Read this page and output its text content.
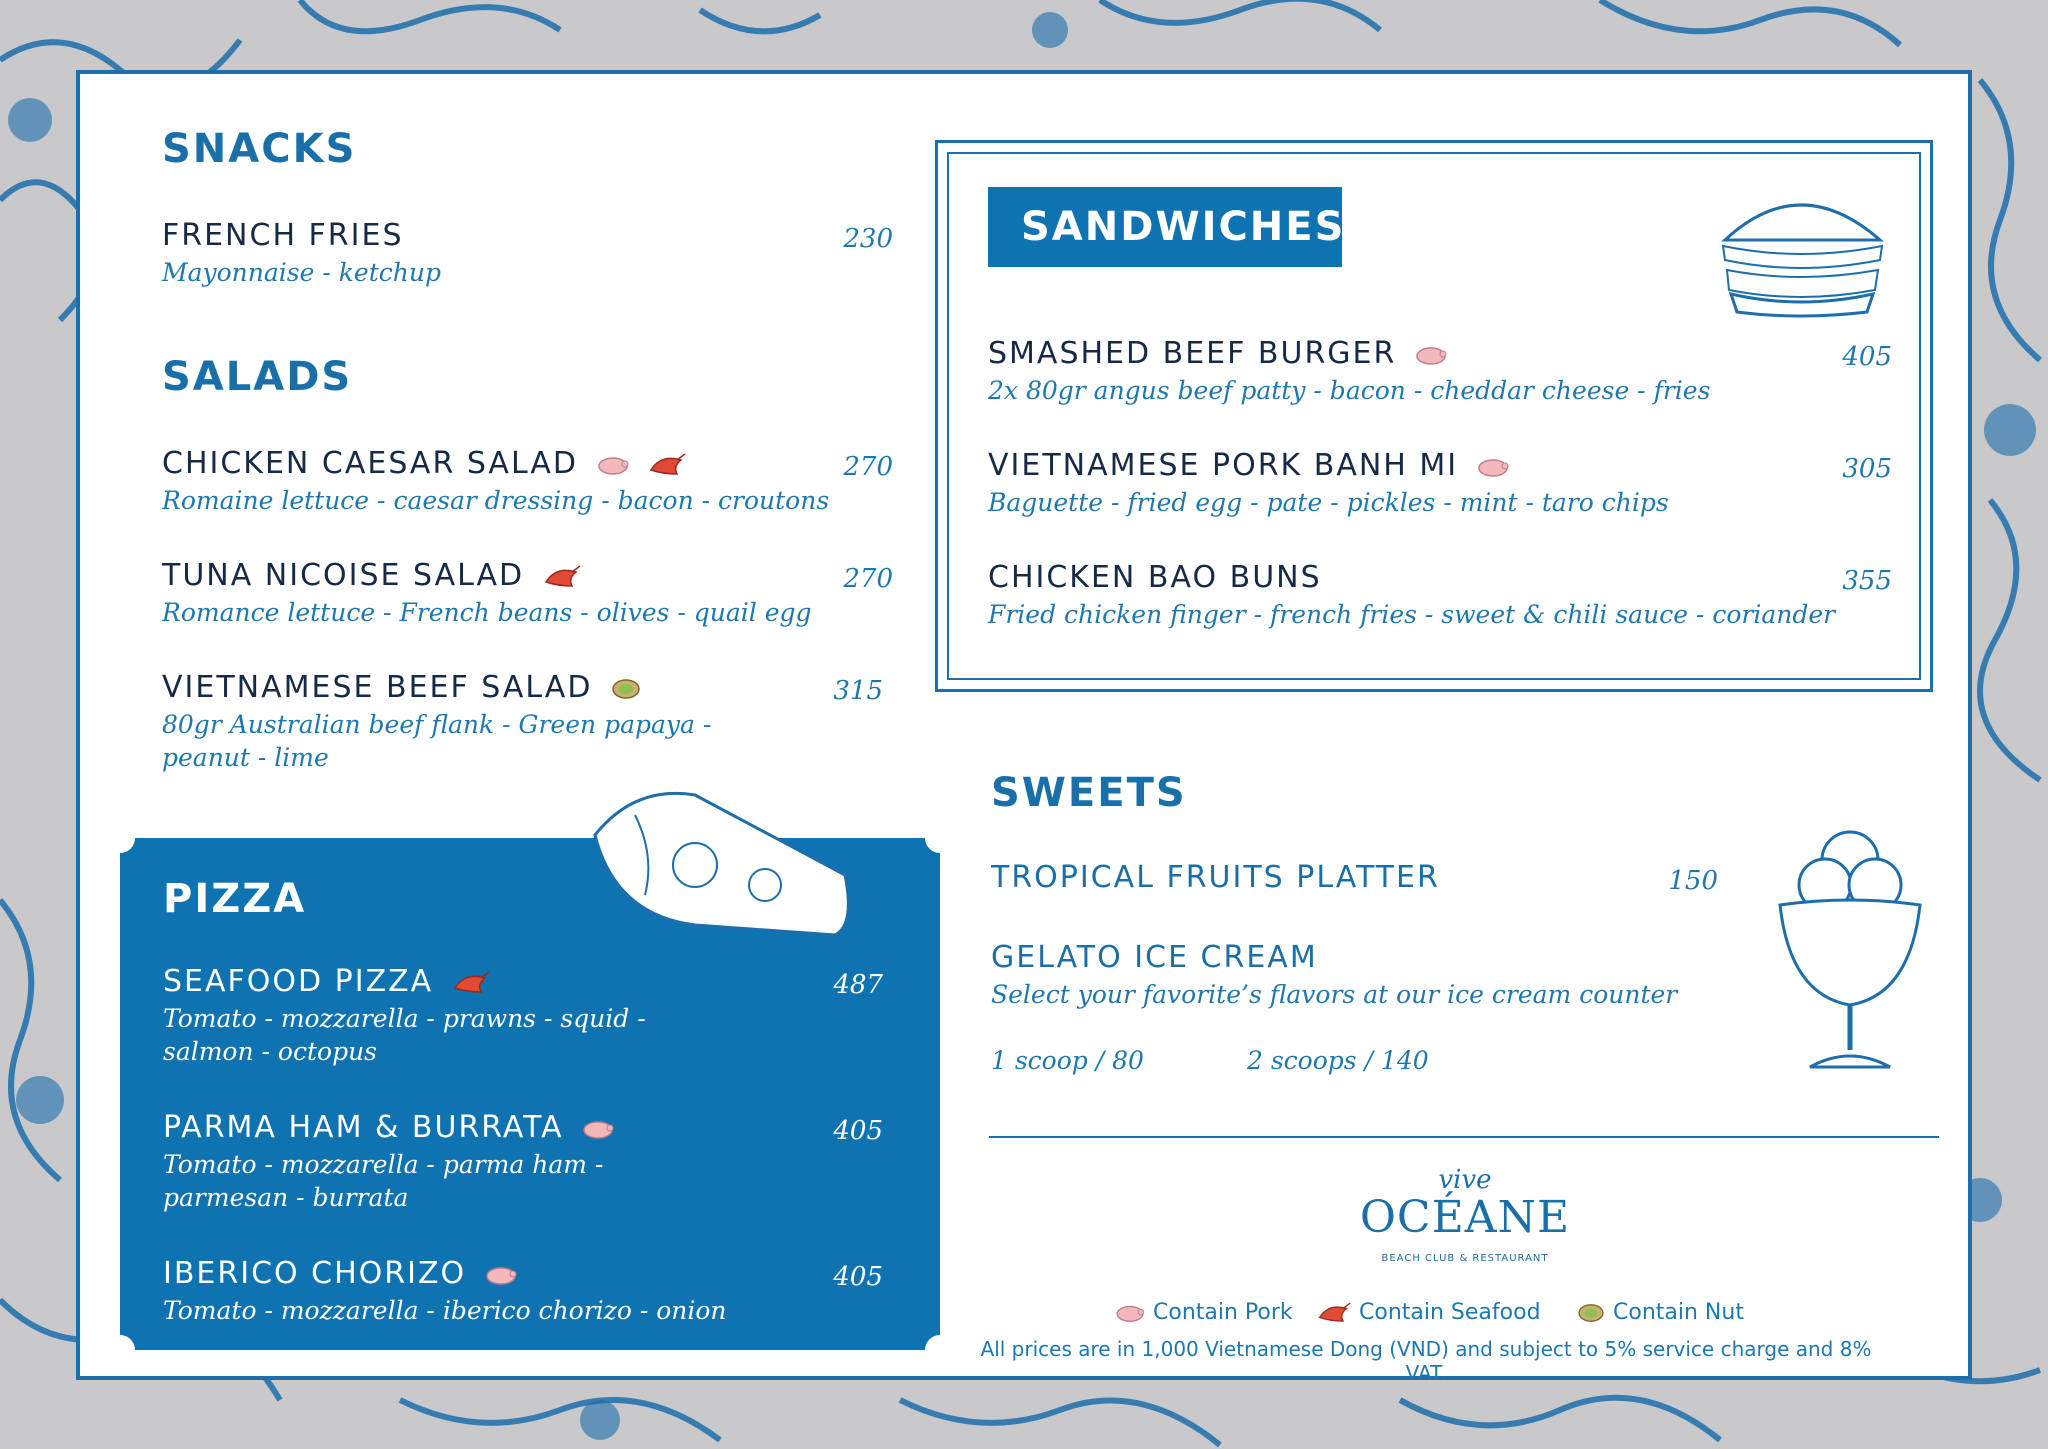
SNACKS
FRENCH FRIES	230
Mayonnaise - ketchup
SALADS
CHICKEN CAESAR SALAD	270
Romaine lettuce - caesar dressing - bacon - croutons
TUNA NICOISE SALAD	270
Romance lettuce - French beans - olives - quail egg
VIETNAMESE BEEF SALAD	315
80gr Australian beef flank - Green papaya - peanut - lime
PIZZA
SEAFOOD PIZZA	487
Tomato - mozzarella - prawns - squid - salmon - octopus
PARMA HAM & BURRATA	405
Tomato - mozzarella - parma ham - parmesan - burrata
IBERICO CHORIZO	405
Tomato - mozzarella - iberico chorizo - onion
SANDWICHES
SMASHED BEEF BURGER	405
2x 80gr angus beef patty - bacon - cheddar cheese - fries
VIETNAMESE PORK BANH MI	305
Baguette - fried egg - pate - pickles - mint - taro chips
CHICKEN BAO BUNS	355
Fried chicken finger - french fries - sweet & chili sauce - coriander
SWEETS
TROPICAL FRUITS PLATTER	150
GELATO ICE CREAM
Select your favorite’s flavors at our ice cream counter
1 scoop / 80	2 scoops / 140
vive
OCÉANE
BEACH CLUB & RESTAURANT
Contain Pork	Contain Seafood	Contain Nut
All prices are in 1,000 Vietnamese Dong (VND) and subject to 5% service charge and 8% VAT.
